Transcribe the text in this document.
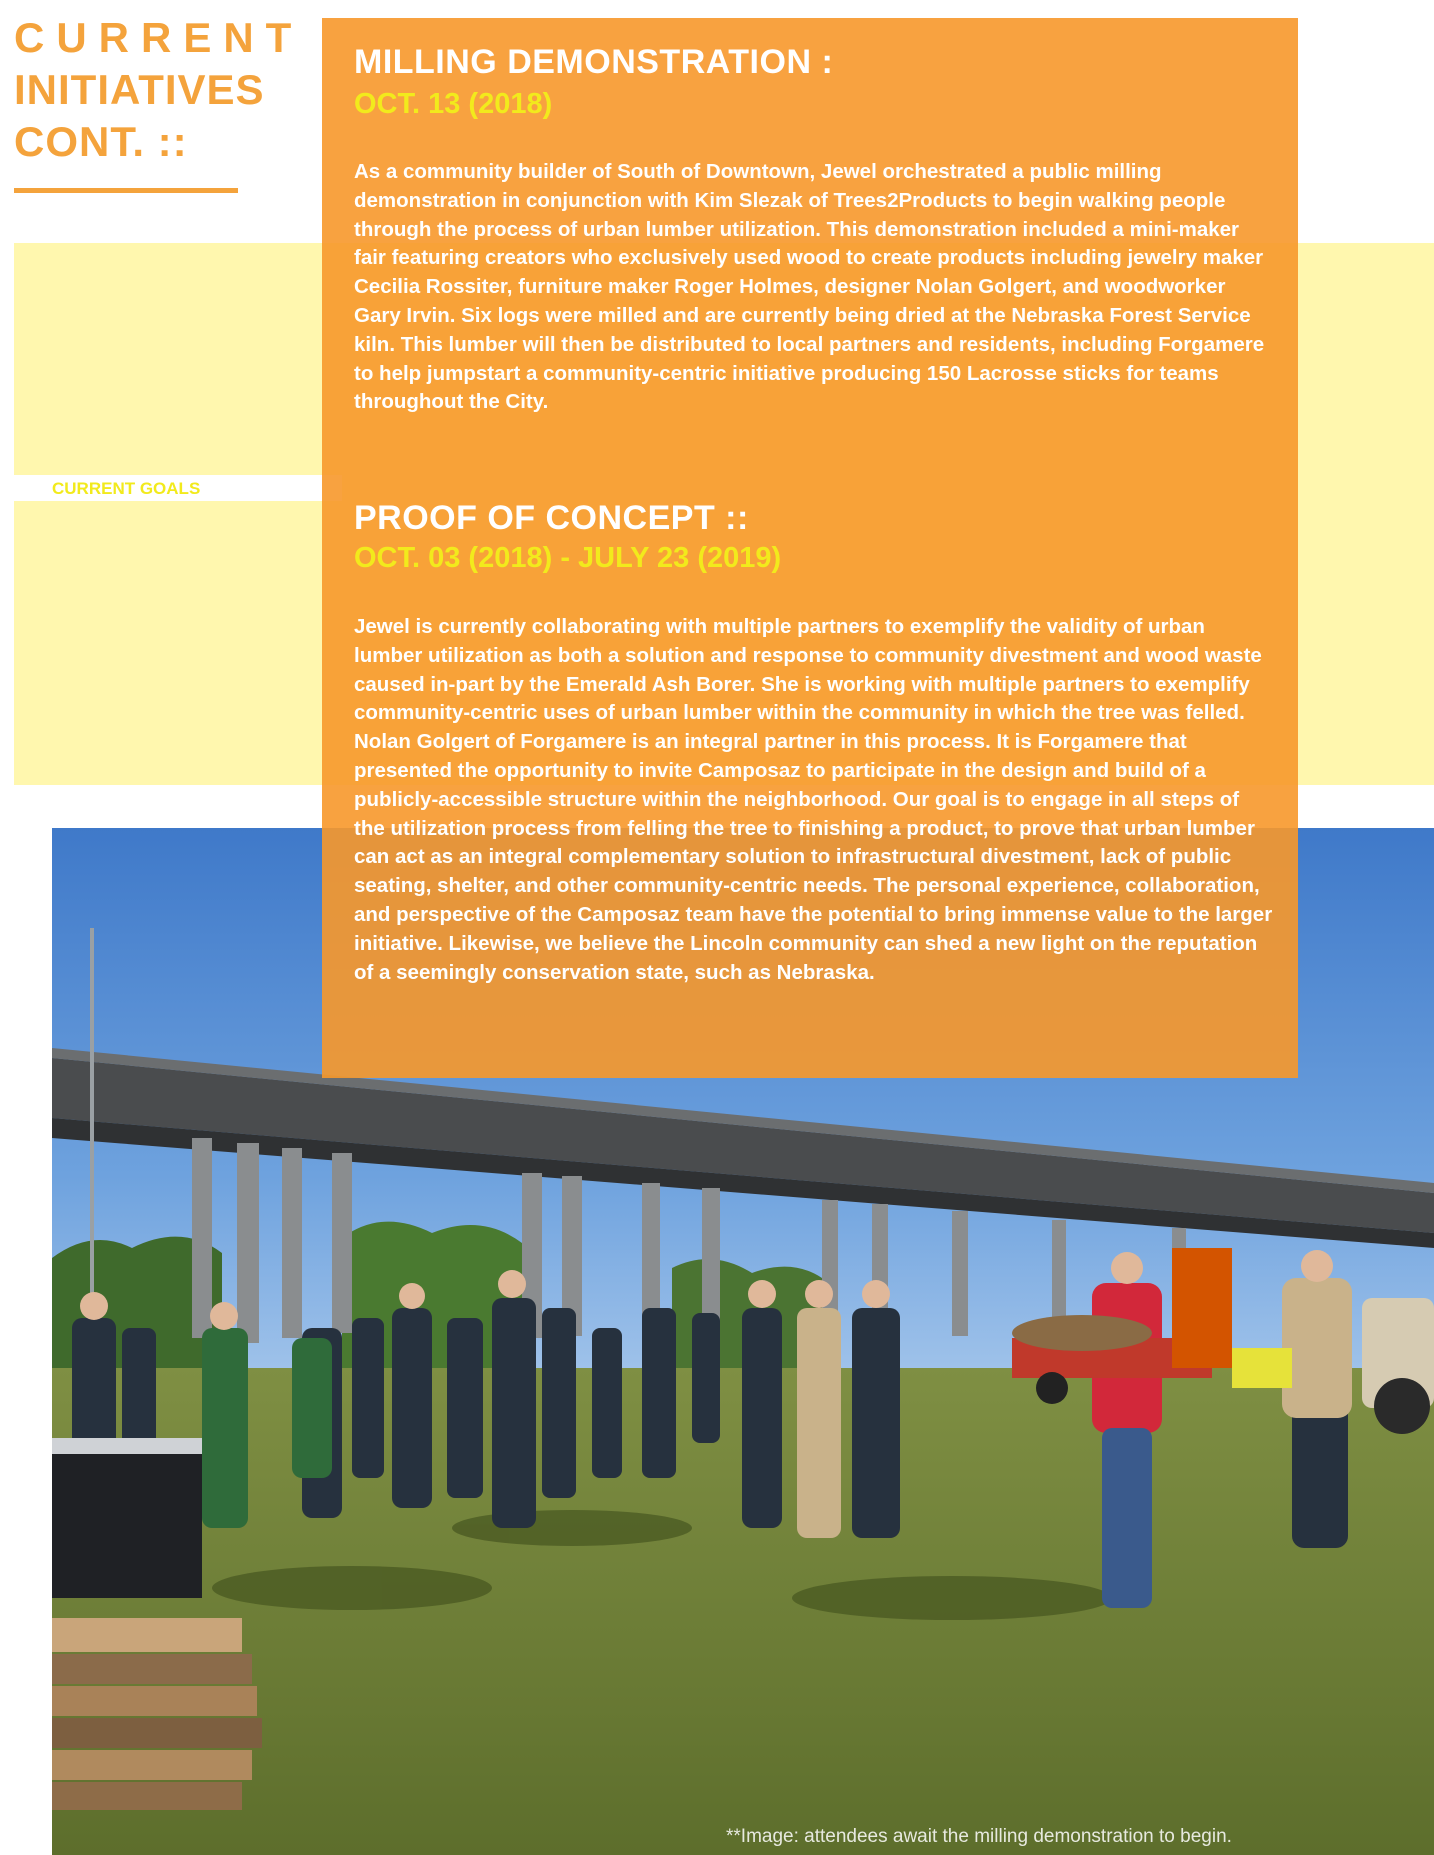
CURRENT
INITIATIVES
CONT. ::

CURRENT GOALS

**Image: attendees await the milling demonstration to begin.

MILLING DEMONSTRATION :

OCT. 13 (2018)

As a community builder of South of Downtown, Jewel orchestrated a public milling demonstration in conjunction with Kim Slezak of Trees2Products to begin walking people through the process of urban lumber utilization. This demonstration included a mini-maker fair featuring creators who exclusively used wood to create products including jewelry maker Cecilia Rossiter, furniture maker Roger Holmes, designer Nolan Golgert, and woodworker Gary Irvin. Six logs were milled and are currently being dried at the Nebraska Forest Service kiln. This lumber will then be distributed to local partners and residents, including Forgamere to help jumpstart a community-centric initiative producing 150 Lacrosse sticks for teams throughout the City.

PROOF OF CONCEPT ::

OCT. 03 (2018) - JULY 23 (2019)

Jewel is currently collaborating with multiple partners to exemplify the validity of urban lumber utilization as both a solution and response to community divestment and wood waste caused in-part by the Emerald Ash Borer. She is working with multiple partners to exemplify community-centric uses of urban lumber within the community in which the tree was felled. Nolan Golgert of Forgamere is an integral partner in this process. It is Forgamere that presented the opportunity to invite Camposaz to participate in the design and build of a publicly-accessible structure within the neighborhood. Our goal is to engage in all steps of the utilization process from felling the tree to finishing a product, to prove that urban lumber can act as an integral complementary solution to infrastructural divestment, lack of public seating, shelter, and other community-centric needs. The personal experience, collaboration, and perspective of the Camposaz team have the potential to bring immense value to the larger initiative. Likewise, we believe the Lincoln community can shed a new light on the reputation of a seemingly conservation state, such as Nebraska.
